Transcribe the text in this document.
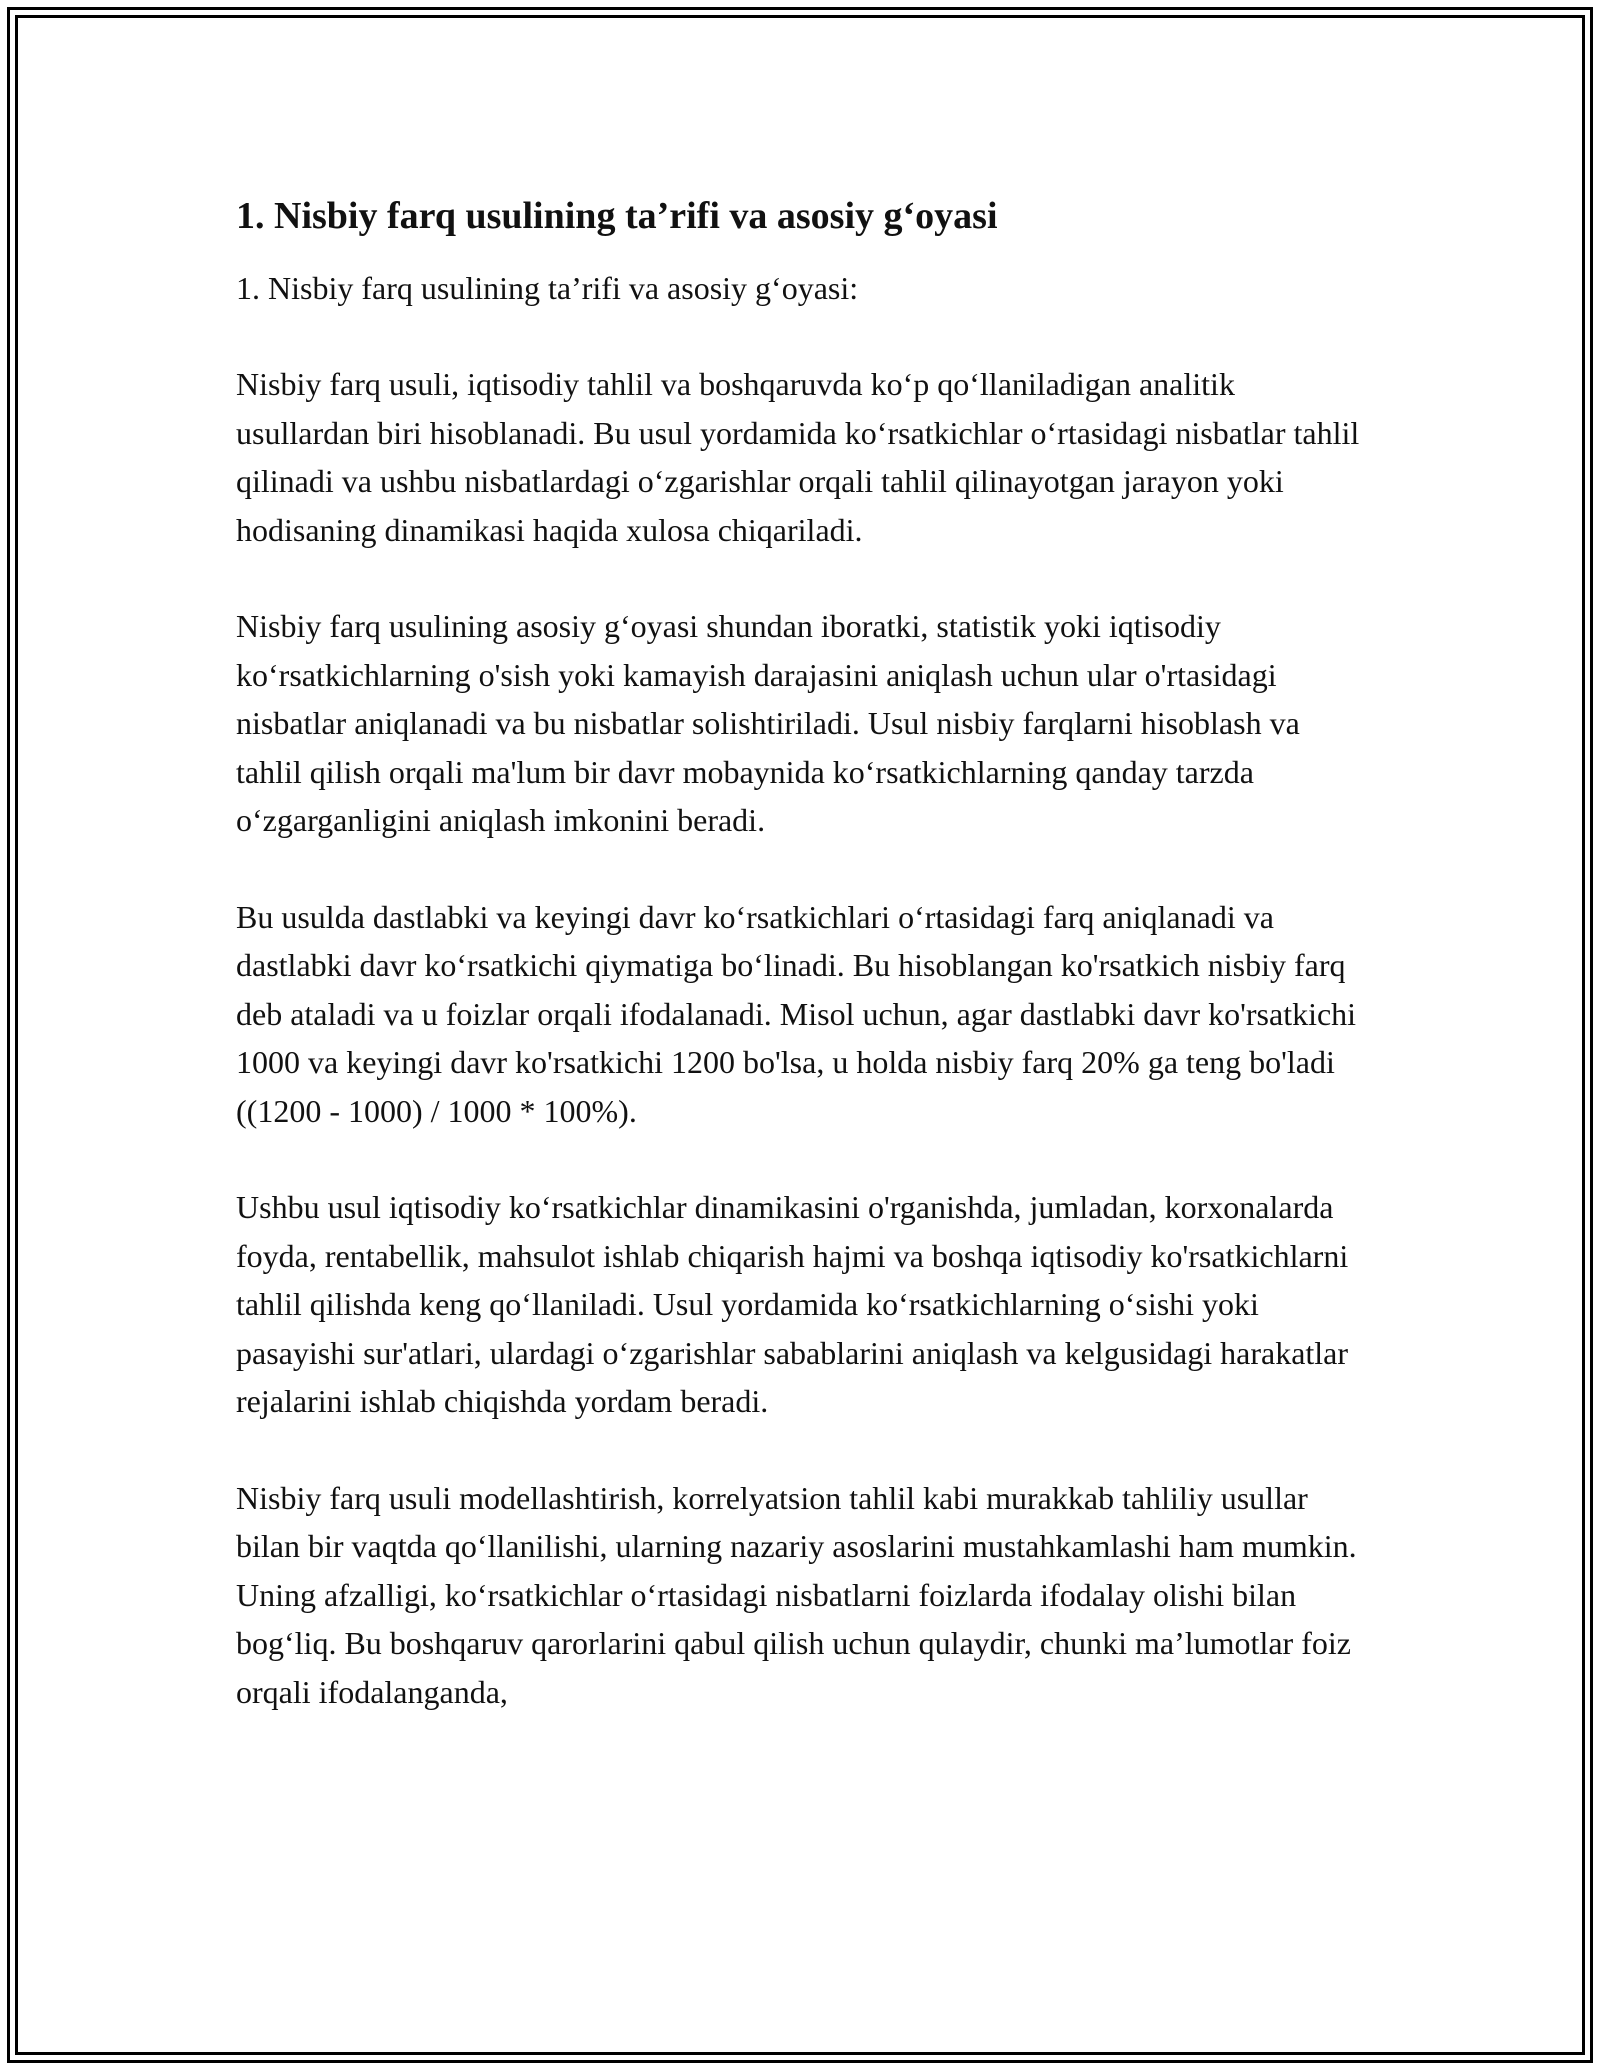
1. Nisbiy farq usulining ta’rifi va asosiy g‘oyasi

1. Nisbiy farq usulining ta’rifi va asosiy g‘oyasi:

Nisbiy farq usuli, iqtisodiy tahlil va boshqaruvda ko‘p qo‘llaniladigan analitik usullardan biri hisoblanadi. Bu usul yordamida ko‘rsatkichlar o‘rtasidagi nisbatlar tahlil qilinadi va ushbu nisbatlardagi o‘zgarishlar orqali tahlil qilinayotgan jarayon yoki hodisaning dinamikasi haqida xulosa chiqariladi.

Nisbiy farq usulining asosiy g‘oyasi shundan iboratki, statistik yoki iqtisodiy ko‘rsatkichlarning o'sish yoki kamayish darajasini aniqlash uchun ular o'rtasidagi nisbatlar aniqlanadi va bu nisbatlar solishtiriladi. Usul nisbiy farqlarni hisoblash va tahlil qilish orqali ma'lum bir davr mobaynida ko‘rsatkichlarning qanday tarzda o‘zgarganligini aniqlash imkonini beradi.

Bu usulda dastlabki va keyingi davr ko‘rsatkichlari o‘rtasidagi farq aniqlanadi va dastlabki davr ko‘rsatkichi qiymatiga bo‘linadi. Bu hisoblangan ko'rsatkich nisbiy farq deb ataladi va u foizlar orqali ifodalanadi. Misol uchun, agar dastlabki davr ko'rsatkichi 1000 va keyingi davr ko'rsatkichi 1200 bo'lsa, u holda nisbiy farq 20% ga teng bo'ladi ((1200 - 1000) / 1000 * 100%).

Ushbu usul iqtisodiy ko‘rsatkichlar dinamikasini o'rganishda, jumladan, korxonalarda foyda, rentabellik, mahsulot ishlab chiqarish hajmi va boshqa iqtisodiy ko'rsatkichlarni tahlil qilishda keng qo‘llaniladi. Usul yordamida ko‘rsatkichlarning o‘sishi yoki pasayishi sur'atlari, ulardagi o‘zgarishlar sabablarini aniqlash va kelgusidagi harakatlar rejalarini ishlab chiqishda yordam beradi.

Nisbiy farq usuli modellashtirish, korrelyatsion tahlil kabi murakkab tahliliy usullar bilan bir vaqtda qo‘llanilishi, ularning nazariy asoslarini mustahkamlashi ham mumkin. Uning afzalligi, ko‘rsatkichlar o‘rtasidagi nisbatlarni foizlarda ifodalay olishi bilan bog‘liq. Bu boshqaruv qarorlarini qabul qilish uchun qulaydir, chunki ma’lumotlar foiz orqali ifodalanganda,
